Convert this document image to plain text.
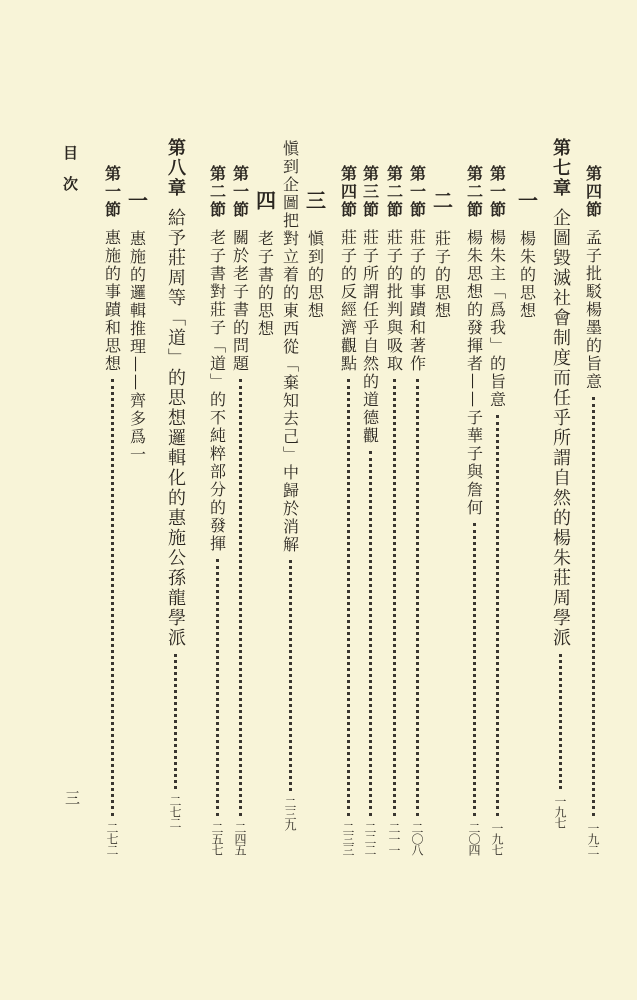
第四節
孟子批駁楊墨的旨意
一九二
第七章
企圖毀滅社會制度而任乎所謂自然的楊朱莊周學派
一九七
一
楊朱的思想
第一節
楊朱主「爲我」的旨意
一九七
第二節
楊朱思想的發揮者——子華子與詹何
二〇四
二
莊子的思想
第一節
莊子的事蹟和著作
二〇八
第二節
莊子的批判與吸取
二一一
第三節
莊子所謂任乎自然的道德觀
二二二
第四節
莊子的反經濟觀點
二三三
三
愼到的思想
愼到企圖把對立着的東西從「棄知去己」中歸於消解
二三九
四
老子書的思想
第一節
關於老子書的問題
二四五
第二節
老子書對莊子「道」的不純粹部分的發揮
二五七
第八章
給予莊周等「道」的思想邏輯化的惠施公孫龍學派
二七二
一
惠施的邏輯推理——齊多爲一
第一節
惠施的事蹟和思想
二七二
目次
三
